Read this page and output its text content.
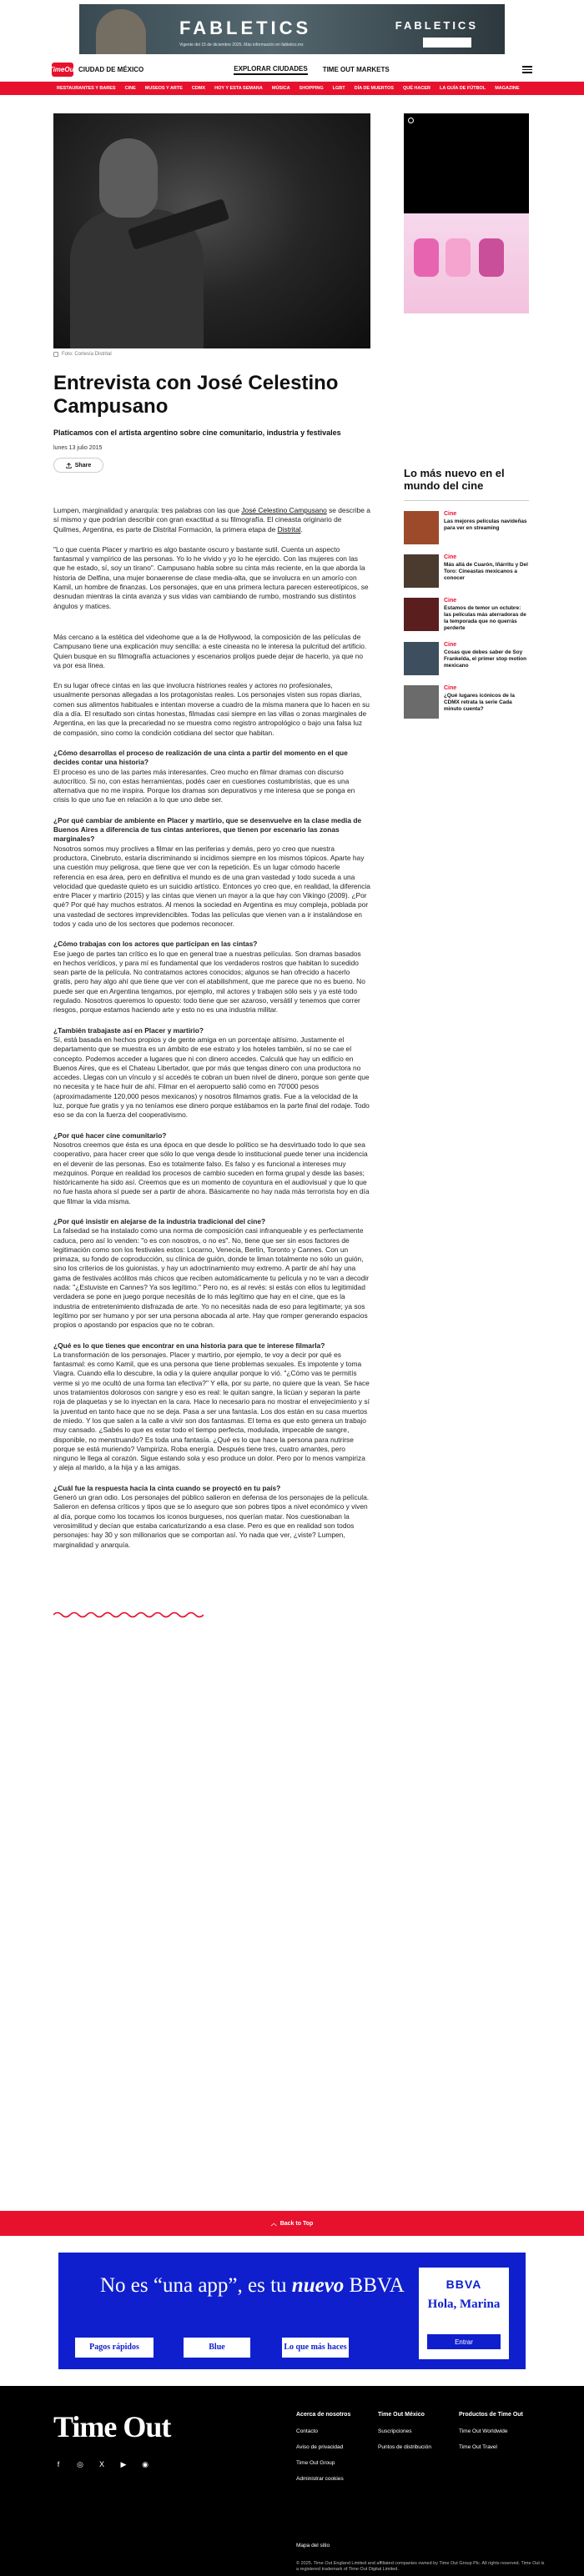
FABLETICS
Vigente del 15 de diciembre 2025. Más información en fabletics.mx
FABLETICS
TimeOut CIUDAD DE MÉXICO	EXPLORAR CIUDADES TIME OUT MARKETS
RESTAURANTES Y BARES CINE MUSEOS Y ARTE CDMX HOY Y ESTA SEMANA MÚSICA SHOPPING LGBT DÍA DE MUERTOS QUÉ HACER LA GUÍA DE FÚTBOL MAGAZINE
Foto: Cortesía Distrital
Entrevista con José Celestino Campusano
Platicamos con el artista argentino sobre cine comunitario, industria y festivales
lunes 13 julio 2015
Share

Lumpen, marginalidad y anarquía: tres palabras con las que José Celestino Campusano se describe a sí mismo y que podrían describir con gran exactitud a su filmografía. El cineasta originario de Quilmes, Argentina, es parte de Distrital Formación, la primera etapa de Distrital.

"Lo que cuenta Placer y martirio es algo bastante oscuro y bastante sutil. Cuenta un aspecto fantasmal y vampírico de las personas. Yo lo he vivido y yo lo he ejercido. Con las mujeres con las que he estado, sí, soy un tirano". Campusano habla sobre su cinta más reciente, en la que aborda la historia de Delfina, una mujer bonaerense de clase media-alta, que se involucra en un amorío con Kamil, un hombre de finanzas. Los personajes, que en una primera lectura parecen estereotípicos, se desnudan mientras la cinta avanza y sus vidas van cambiando de rumbo, mostrando sus distintos ángulos y matices.

Más cercano a la estética del videohome que a la de Hollywood, la composición de las películas de Campusano tiene una explicación muy sencilla: a este cineasta no le interesa la pulcritud del artificio. Quien busque en su filmografía actuaciones y escenarios prolijos puede dejar de hacerlo, ya que no va por esa línea.

En su lugar ofrece cintas en las que involucra histriones reales y actores no profesionales, usualmente personas allegadas a los protagonistas reales. Los personajes visten sus ropas diarias, comen sus alimentos habituales e intentan moverse a cuadro de la misma manera que lo hacen en su día a día. El resultado son cintas honestas, filmadas casi siempre en las villas o zonas marginales de Argentina, en las que la precariedad no se muestra como registro antropológico o bajo una falsa luz de compasión, sino como la condición cotidiana del sector que habitan.

¿Cómo desarrollas el proceso de realización de una cinta a partir del momento en el que decides contar una historia?

El proceso es uno de las partes más interesantes. Creo mucho en filmar dramas con discurso autocrítico. Si no, con estas herramientas, podés caer en cuestiones costumbristas, que es una alternativa que no me inspira. Porque los dramas son depurativos y me interesa que se ponga en crisis lo que uno fue en relación a lo que uno debe ser.

¿Por qué cambiar de ambiente en Placer y martirio, que se desenvuelve en la clase media de Buenos Aires a diferencia de tus cintas anteriores, que tienen por escenario las zonas marginales?

Nosotros somos muy proclives a filmar en las periferias y demás, pero yo creo que nuestra productora, Cinebruto, estaría discriminando si incidimos siempre en los mismos tópicos. Aparte hay una cuestión muy peligrosa, que tiene que ver con la repetición. Es un lugar cómodo hacerle referencia en esa área, pero en definitiva el mundo es de una gran vastedad y todo suceda a una velocidad que quedaste quieto es un suicidio artístico. Entonces yo creo que, en realidad, la diferencia entre Placer y martirio (2015) y las cintas que vienen un mayor a la que hay con Vikingo (2009). ¿Por qué? Por qué hay muchos estratos. Al menos la sociedad en Argentina es muy compleja, poblada por una vastedad de sectores imprevidencibles. Todas las películas que vienen van a ir instalándose en todos y cada uno de los sectores que podemos reconocer.

¿Cómo trabajas con los actores que participan en las cintas?

Ese juego de partes tan crítico es lo que en general trae a nuestras películas. Son dramas basados en hechos verídicos, y para mí es fundamental que los verdaderos rostros que habitan lo sucedido sean parte de la película. No contratamos actores conocidos; algunos se han ofrecido a hacerlo gratis, pero hay algo ahí que tiene que ver con el atabilishment, que me parece que no es bueno. No puede ser que en Argentina tengamos, por ejemplo, mil actores y trabajen sólo seis y ya esté todo regulado. Nosotros queremos lo opuesto: todo tiene que ser azaroso, versátil y tenemos que correr riesgos, porque estamos haciendo arte y esto no es una industria militar.

¿También trabajaste así en Placer y martirio?

Sí, está basada en hechos propios y de gente amiga en un porcentaje altísimo. Justamente el departamento que se muestra es un ámbito de ese estrato y los hoteles también, sí no se cae el concepto. Podemos acceder a lugares que ni con dinero accedes. Calculá que hay un edificio en Buenos Aires, que es el Chateau Libertador, que por más que tengas dinero con una productora no accedes. Llegas con un vínculo y sí accedés te cobran un buen nivel de dinero, porque son gente que no necesita y te hace huir de ahí. Filmar en el aeropuerto salió como en 70'000 pesos (aproximadamente 120,000 pesos mexicanos) y nosotros filmamos gratis. Fue a la velocidad de la luz, porque fue gratis y ya no teníamos ese dinero porque estábamos en la parte final del rodaje. Todo eso se da con la fuerza del cooperativismo.

¿Por qué hacer cine comunitario?

Nosotros creemos que ésta es una época en que desde lo político se ha desvirtuado todo lo que sea cooperativo, para hacer creer que sólo lo que venga desde lo institucional puede tener una incidencia en el devenir de las personas. Eso es totalmente falso. Es falso y es funcional a intereses muy mezquinos. Porque en realidad los procesos de cambio suceden en forma grupal y desde las bases; históricamente ha sido así. Creemos que es un momento de coyuntura en el audiovisual y que lo que no fue hasta ahora sí puede ser a partir de ahora. Básicamente no hay nada más terrorista hoy en día que filmar la vida misma.

¿Por qué insistir en alejarse de la industria tradicional del cine?

La falsedad se ha instalado como una norma de composición casi infranqueable y es perfectamente caduca, pero así lo venden: "o es con nosotros, o no es". No, tiene que ser sin esos factores de legitimación como son los festivales estos: Locarno, Venecia, Berlín, Toronto y Cannes. Con un primaza, su fondo de coproducción, su clínica de guión, donde te liman totalmente no sólo un guión, sino los criterios de los guionistas, y hay un adoctrinamiento muy extremo. A partir de ahí hay una gama de festivales acólitos más chicos que reciben automáticamente tu película y no te van a decodir nada: "¿Estuviste en Cannes? Ya sos legítimo." Pero no, es al revés: si estás con ellos tu legitimidad verdadera se pone en juego porque necesitás de lo más legítimo que hay en el cine, que es la industria de entretenimiento disfrazada de arte. Yo no necesitás nada de eso para legitimarte; ya sos legítimo por ser humano y por ser una persona abocada al arte. Hay que romper generando espacios propios o apostando por espacios que no te cobran.

¿Qué es lo que tienes que encontrar en una historia para que te interese filmarla?

La transformación de los personajes. Placer y martirio, por ejemplo, te voy a decir por qué es fantasmal: es como Kamil, que es una persona que tiene problemas sexuales. Es impotente y toma Viagra. Cuando ella lo descubre, la odia y la quiere anquilar porque lo vió. "¿Cómo vas te permitís verme si yo me ocultó de una forma tan efectiva?" Y ella, por su parte, no quiere que la vean. Se hace unos tratamientos dolorosos con sangre y eso es real: le quitan sangre, la licúan y separan la parte roja de plaquetas y se lo inyectan en la cara. Hace lo necesario para no mostrar el envejecimiento y sí la juventud en tanto hace que no se deja. Pasa a ser una fantasía. Los dos están en su casa muertos de miedo. Y los que salen a la calle a vivir son dos fantasmas. El tema es que esto genera un trabajo muy cansado. ¿Sabés lo que es estar todo el tiempo perfecta, modulada, impecable de sangre, disponible, no menstruando? Es toda una fantasía. ¿Qué es lo que hace la persona para nutrirse porque se está muriendo? Vampiriza. Roba energía. Después tiene tres, cuatro amantes, pero ninguno le llega al corazón. Sigue estando sola y eso produce un dolor. Pero por lo menos vampiriza y aleja al marido, a la hija y a las amigas.

¿Cuál fue la respuesta hacia la cinta cuando se proyectó en tu país?

Generó un gran odio. Los personajes del público salieron en defensa de los personajes de la película. Salieron en defensa críticos y tipos que se lo aseguro que son pobres tipos a nivel económico y viven al día, porque como los tocamos los iconos burgueses, nos querían matar. Nos cuestionaban la verosimilitud y decían que estaba caricaturizando a esa clase. Pero es que en realidad son todos personajes: hay 30 y son millonarios que se comportan así. Yo nada que ver, ¿viste? Lumpen, marginalidad y anarquía.

Lo más nuevo en el mundo del cine
Cine
Las mejores películas navideñas para ver en streaming
Cine
Más allá de Cuarón, Iñárritu y Del Toro: Cineastas mexicanos a conocer
Cine
Estamos de temor un octubre: las películas más aterradoras de la temporada que no querrás perderte
Cine
Cosas que debes saber de Soy Frankelda, el primer stop motion mexicano
Cine
¿Qué lugares icónicos de la CDMX retrata la serie Cada minuto cuenta?
︿ Back to Top
No es “una app”, es tu nuevo BBVA
Pagos rápidos	Blue	Lo que más haces
BBVA
Hola, Marina
Entrar
Time Out
f	◎	X	▶ ◉
Acerca de nosotros
Contacto
Aviso de privacidad
Time Out Group
Administrar cookies
Time Out México
Suscripciones
Puntos de distribución
Productos de Time Out
Time Out Worldwide
Time Out Travel
Mapa del sitio
© 2025. Time Out England Limited and affiliated companies owned by Time Out Group Plc. All rights reserved. Time Out is a registered trademark of Time Out Digital Limited.
